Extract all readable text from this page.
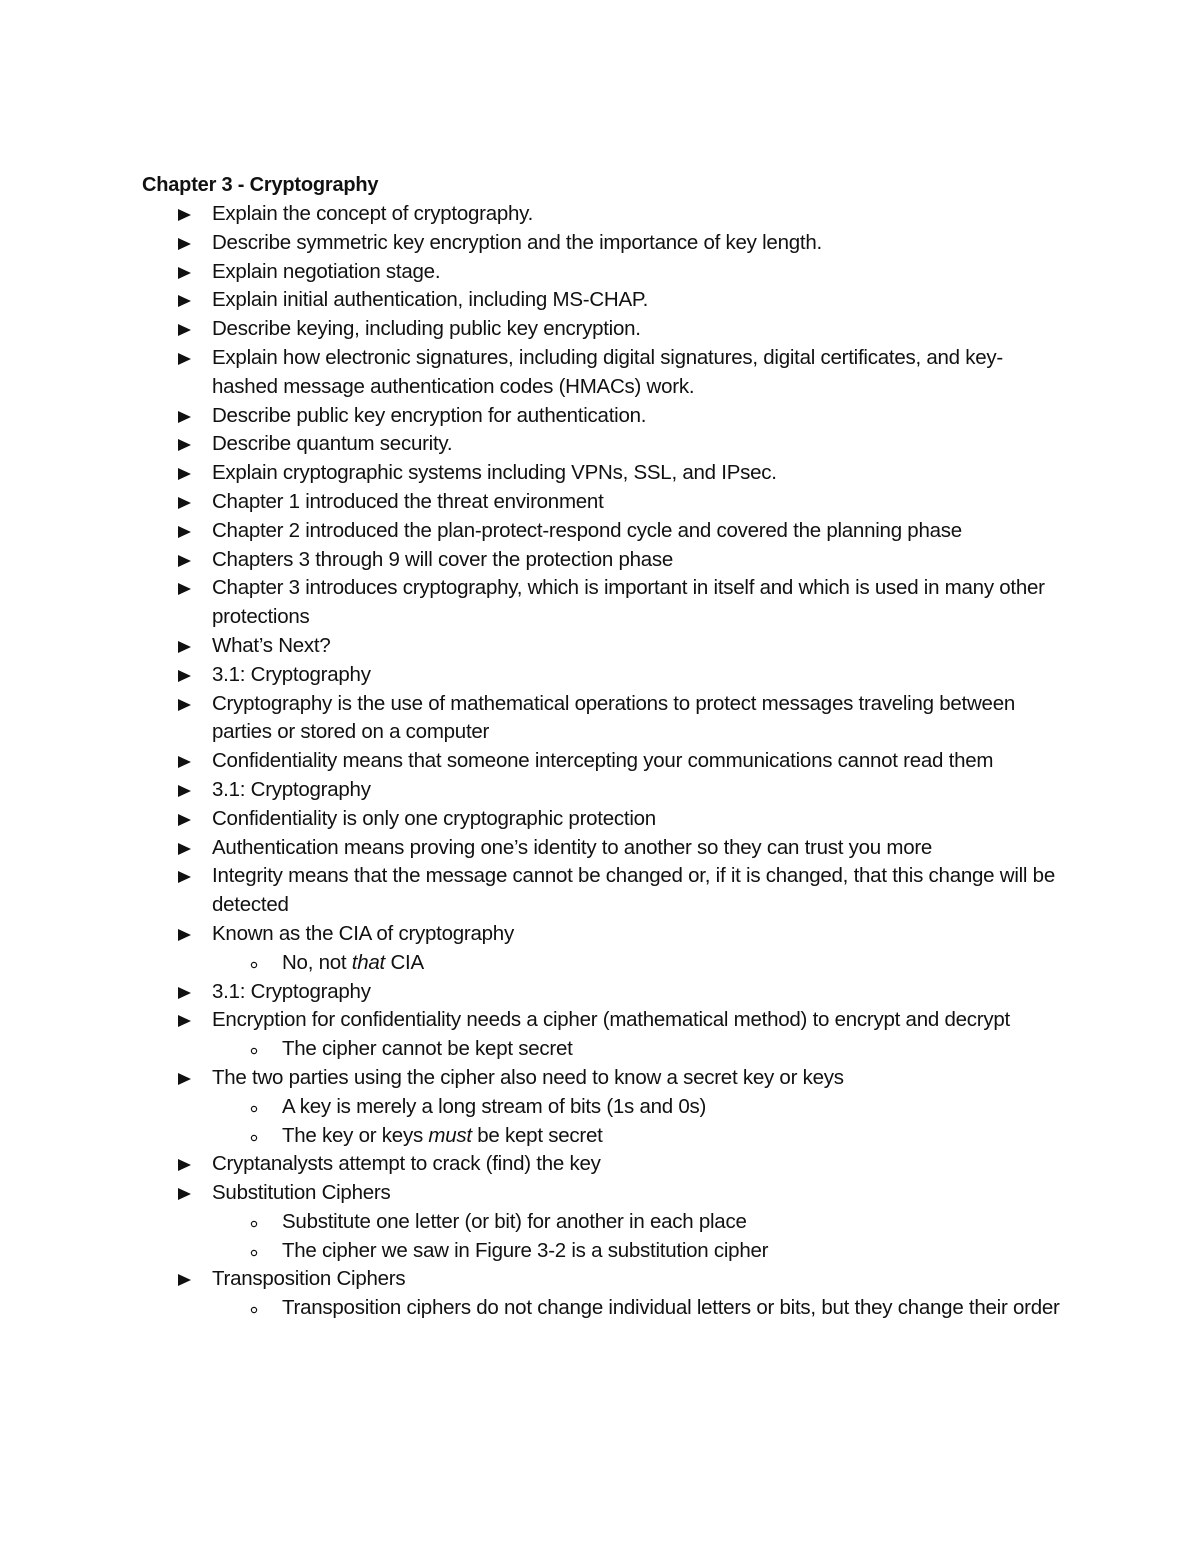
Chapter 3 - Cryptography
Explain the concept of cryptography.
Describe symmetric key encryption and the importance of key length.
Explain negotiation stage.
Explain initial authentication, including MS-CHAP.
Describe keying, including public key encryption.
Explain how electronic signatures, including digital signatures, digital certificates, and key-hashed message authentication codes (HMACs) work.
Describe public key encryption for authentication.
Describe quantum security.
Explain cryptographic systems including VPNs, SSL, and IPsec.
Chapter 1 introduced the threat environment
Chapter 2 introduced the plan-protect-respond cycle and covered the planning phase
Chapters 3 through 9 will cover the protection phase
Chapter 3 introduces cryptography, which is important in itself and which is used in many other protections
What’s Next?
3.1: Cryptography
Cryptography is the use of mathematical operations to protect messages traveling between parties or stored on a computer
Confidentiality means that someone intercepting your communications cannot read them
3.1: Cryptography
Confidentiality is only one cryptographic protection
Authentication means proving one’s identity to another so they can trust you more
Integrity means that the message cannot be changed or, if it is changed, that this change will be detected
Known as the CIA of cryptography
No, not that CIA
3.1: Cryptography
Encryption for confidentiality needs a cipher (mathematical method) to encrypt and decrypt
The cipher cannot be kept secret
The two parties using the cipher also need to know a secret key or keys
A key is merely a long stream of bits (1s and 0s)
The key or keys must be kept secret
Cryptanalysts attempt to crack (find) the key
Substitution Ciphers
Substitute one letter (or bit) for another in each place
The cipher we saw in Figure 3-2 is a substitution cipher
Transposition Ciphers
Transposition ciphers do not change individual letters or bits, but they change their order
